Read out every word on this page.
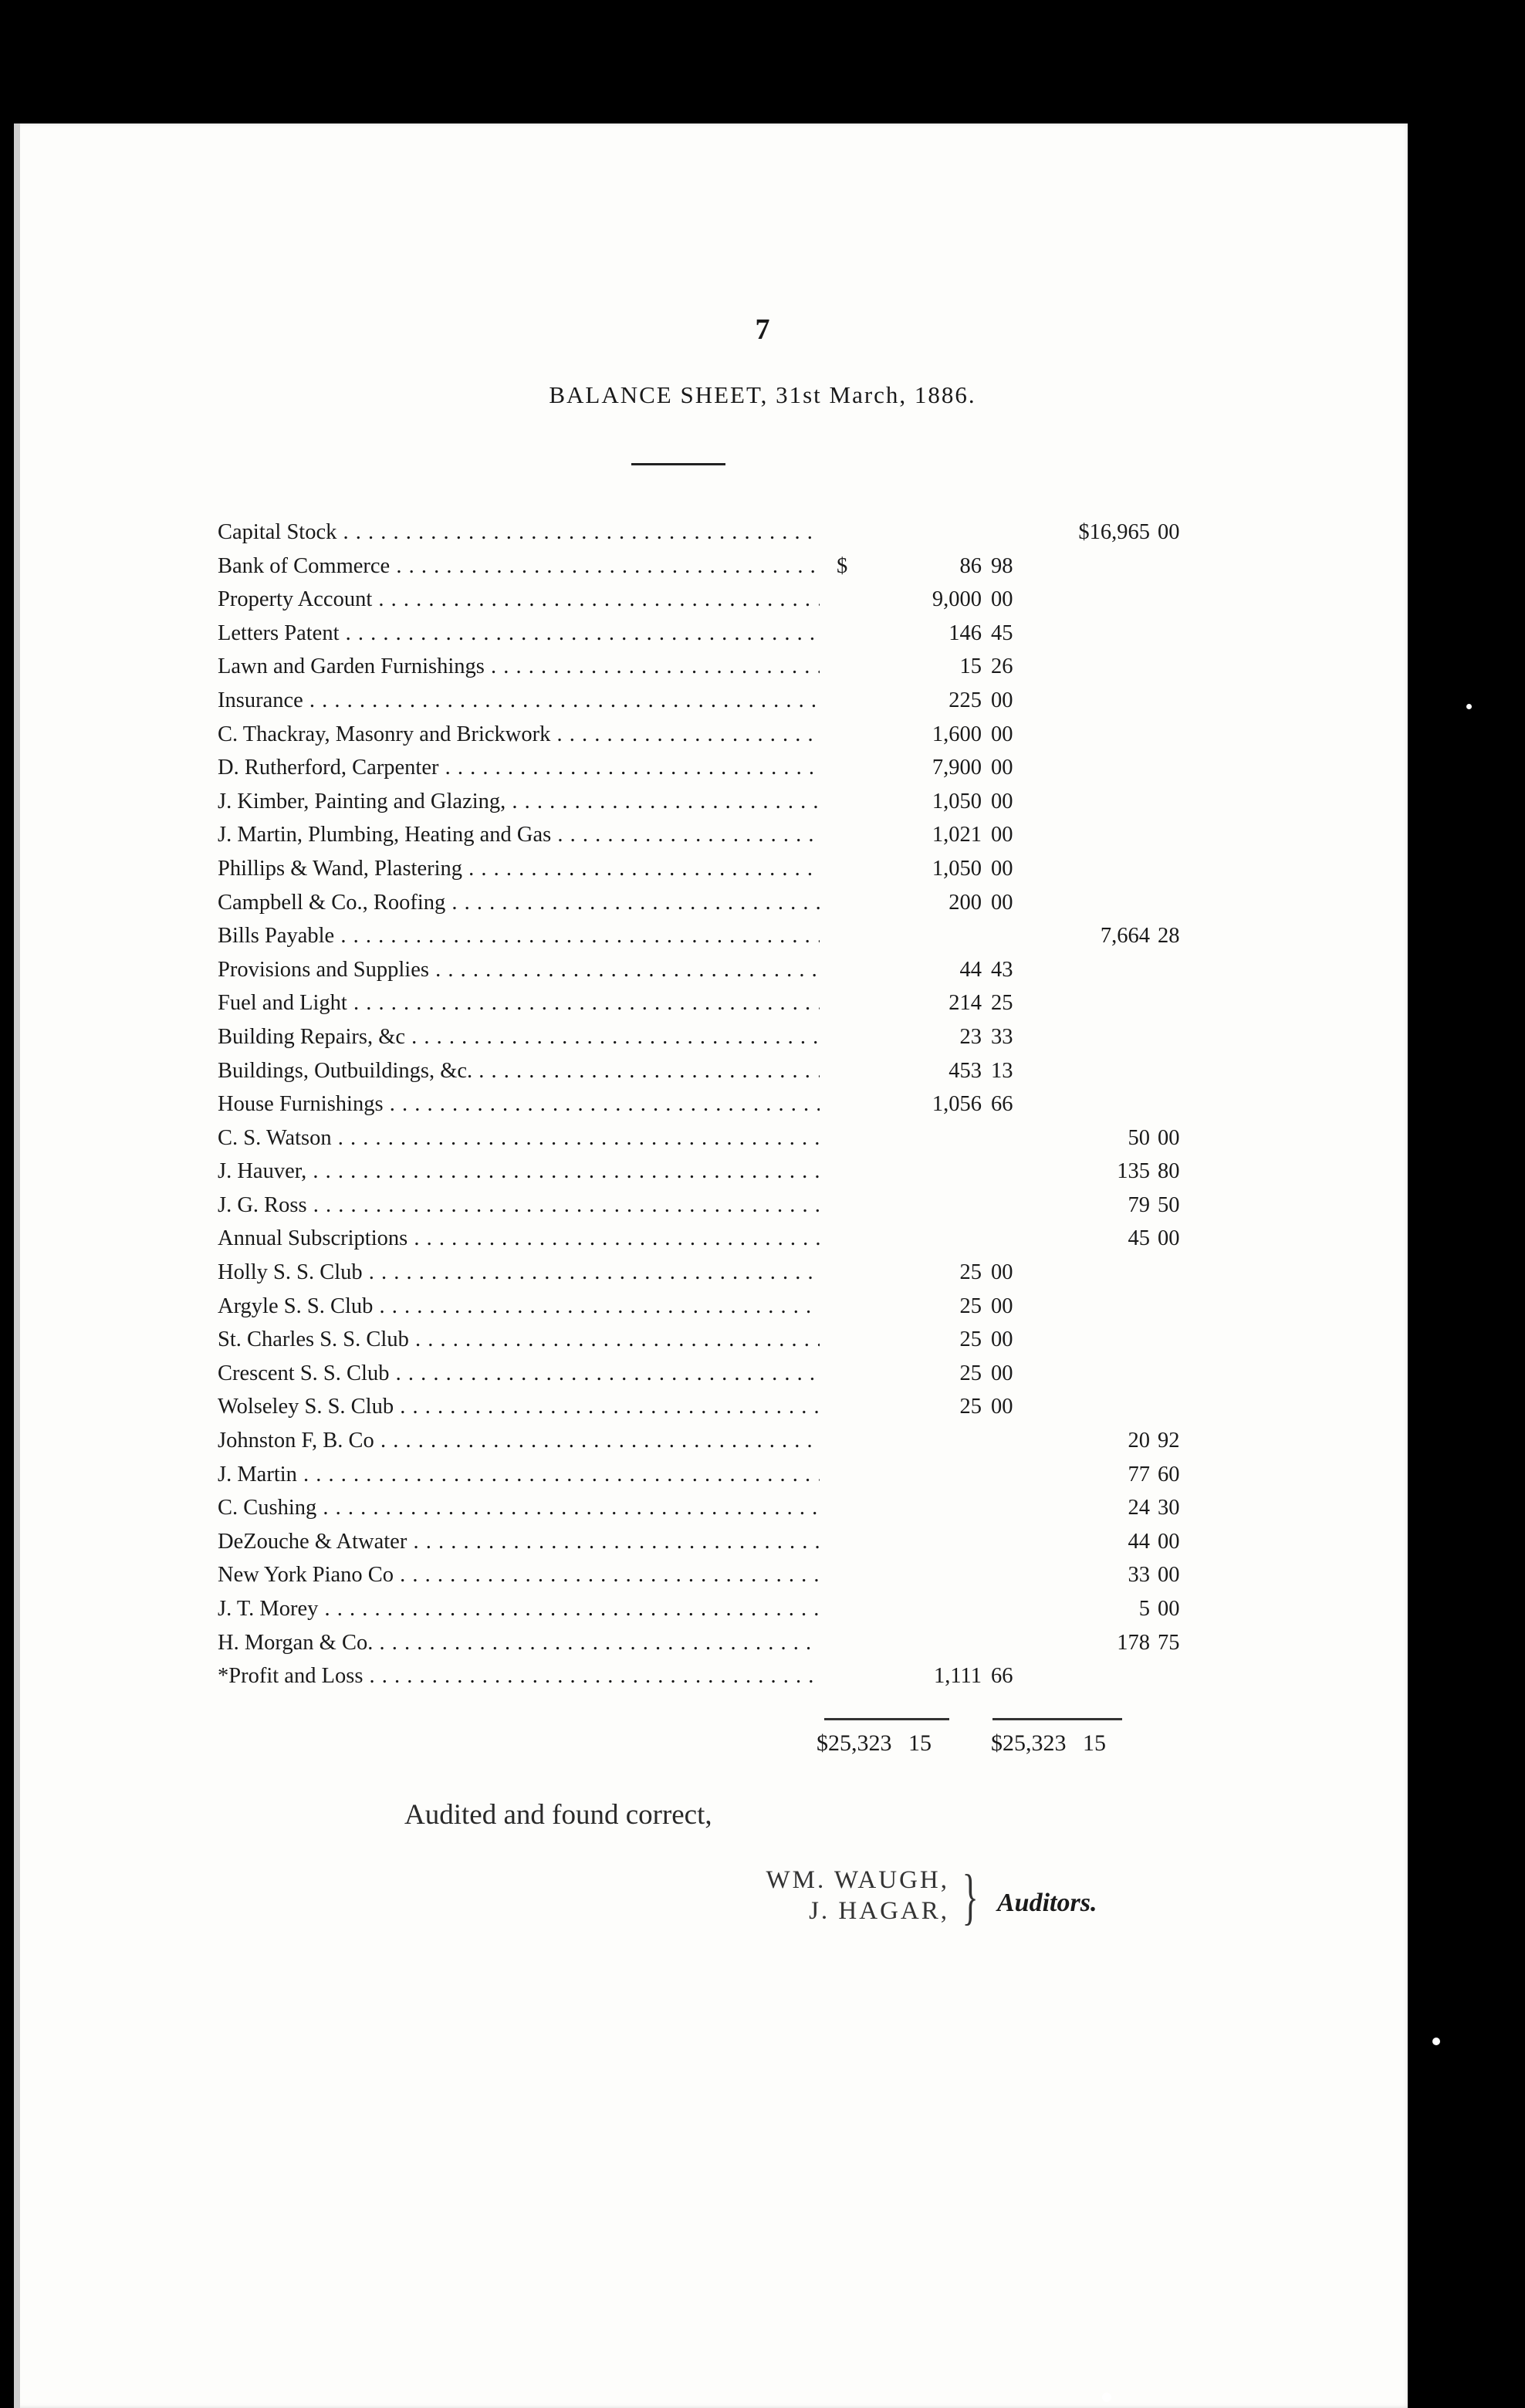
7
BALANCE SHEET, 31st March, 1886.
Capital Stock . . .	$16,965 00
Bank of Commerce . . .	$	86 98
Property Account . . .	9,000 00
Letters Patent . . .	146 45
Lawn and Garden Furnishings . . .	15 26
Insurance . . .	225 00
C. Thackray, Masonry and Brickwork . . .	1,600 00
D. Rutherford, Carpenter . . .	7,900 00
J. Kimber, Painting and Glazing, . . .	1,050 00
J. Martin, Plumbing, Heating and Gas . . .	1,021 00
Phillips & Wand, Plastering . . .	1,050 00
Campbell & Co., Roofing . . .	200 00
Bills Payable . . .	7,664 28
Provisions and Supplies . . .	44 43
Fuel and Light . . .	214 25
Building Repairs, &c . . .	23 33
Buildings, Outbuildings, &c. . . .	453 13
House Furnishings . . .	1,056 66
C. S. Watson . . .	50 00
J. Hauver, . . .	135 80
J. G. Ross . . .	79 50
Annual Subscriptions . . .	45 00
Holly S. S. Club . . .	25 00
Argyle S. S. Club . . .	25 00
St. Charles S. S. Club . . .	25 00
Crescent S. S. Club . . .	25 00
Wolseley S. S. Club . . .	25 00
Johnston F, B. Co . . .	20 92
J. Martin . . .	77 60
C. Cushing . . .	24 30
DeZouche & Atwater . . .	44 00
New York Piano Co . . .	33 00
J. T. Morey . . .	5 00
H. Morgan & Co. . . .	178 75
*Profit and Loss . . .	1,111 66
$25,323 15	$25,323 15
Audited and found correct,
WM. WAUGH,
J. HAGAR, } Auditors.
